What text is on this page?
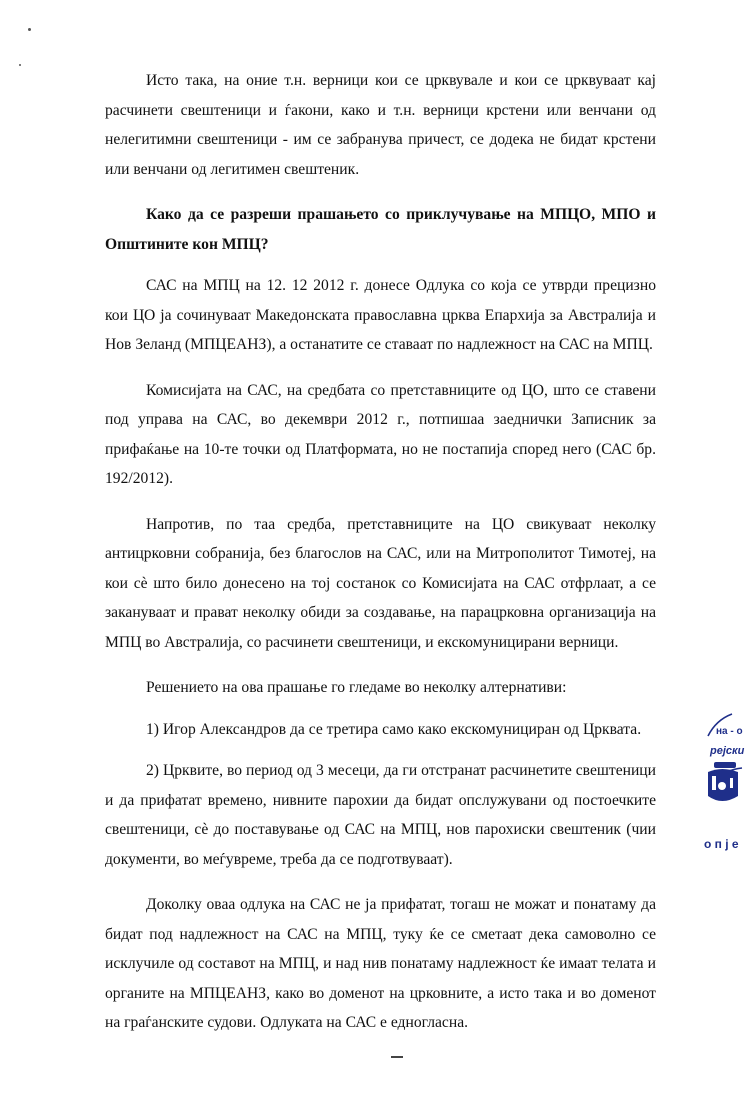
Исто така, на оние т.н. верници кои се црквувале и кои се црквуваат кај расчинети свештеници и ѓакони, како и т.н. верници крстени или венчани од нелегитимни свештеници - им се забранува причест, се додека не бидат крстени или венчани од легитимен свештеник.

Како да се разреши прашањето со приклучување на МПЦО, МПО и Општините кон МПЦ?

САС на МПЦ на 12. 12 2012 г. донесе Одлука со која се утврди прецизно кои ЦО ја сочинуваат Македонската православна црква Епархија за Австралија и Нов Зеланд (МПЦЕАНЗ), а останатите се ставаат по надлежност на САС на МПЦ.

Комисијата на САС, на средбата со претставниците од ЦО, што се ставени под управа на САС, во декември 2012 г., потпишаа заеднички Записник за прифаќање на 10-те точки од Платформата, но не постапија според него (САС бр. 192/2012).

Напротив, по таа средба, претставниците на ЦО свикуваат неколку антицрковни собранија, без благослов на САС, или на Митрополитот Тимотеј, на кои сè што било донесено на тој состанок со Комисијата на САС отфрлаат, а се закануваат и прават неколку обиди за создавање, на парацрковна организација на МПЦ во Австралија, со расчинети свештеници, и екскомуницирани верници.

Решението на ова прашање го гледаме во неколку алтернативи:

1) Игор Александров да се третира само како екскомунициран од Црквата.

2) Црквите, во период од 3 месеци, да ги отстранат расчинетите свештеници и да прифатат времено, нивните парохии да бидат опслужувани од постоечките свештеници, сè до поставување од САС на МПЦ, нов парохиски свештеник (чии документи, во меѓувреме, треба да се подготвуваат).

Доколку оваа одлука на САС не ја прифатат, тогаш не можат и понатаму да бидат под надлежност на САС на МПЦ, туку ќе се сметаат дека самоволно се исклучиле од составот на МПЦ, и над нив понатаму надлежност ќе имаат телата и органите на МПЦЕАНЗ, како во доменот на црковните, а исто така и во доменот на граѓанските судови. Одлуката на САС е едногласна.

на - о
рејски
о п ј е
